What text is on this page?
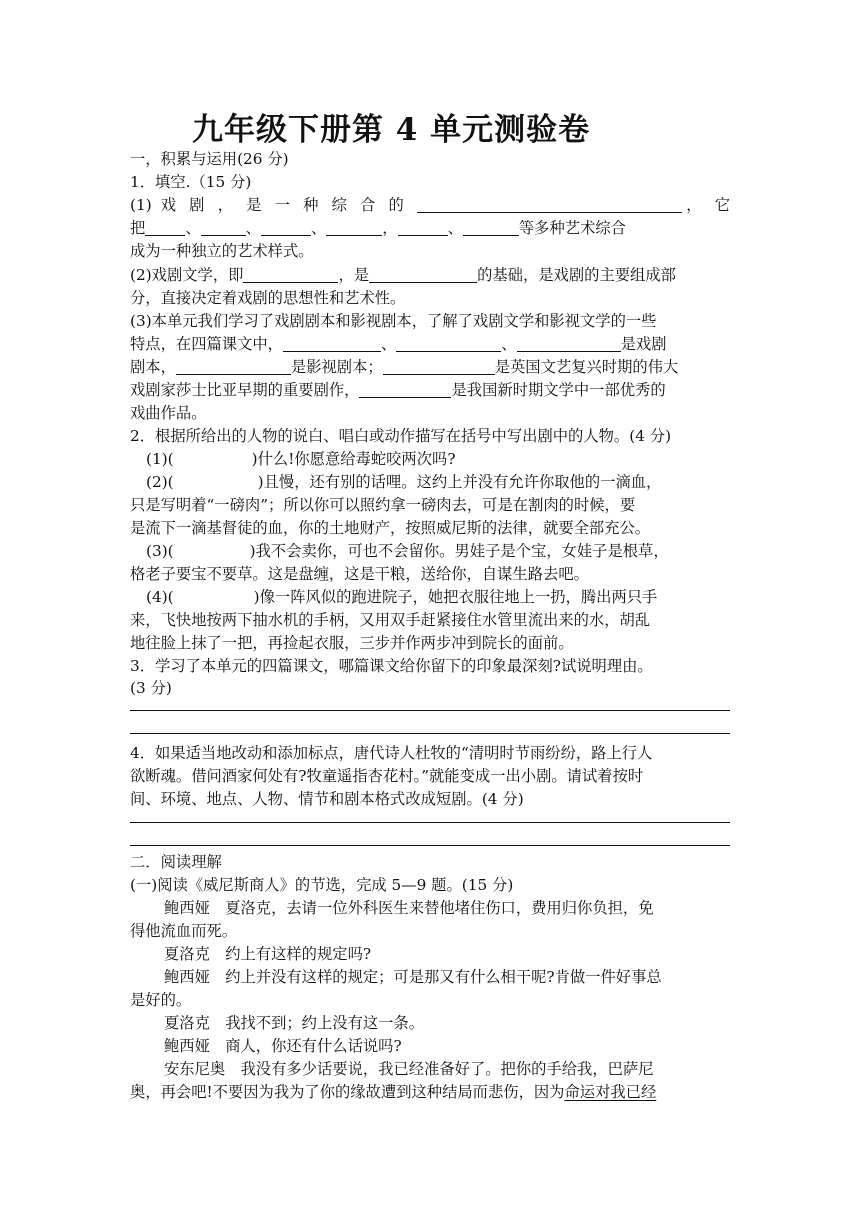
九年级下册第 4 单元测验卷
一，积累与运用(26 分)
1．填空.（15 分)
(1) 戏 剧 ， 是 一 种 综 合 的	， 它
把	、	、	、	，	、	等多种艺术综合
成为一种独立的艺术样式。
(2)戏剧文学，即	，是	的基础，是戏剧的主要组成部
分，直接决定着戏剧的思想性和艺术性。
(3)本单元我们学习了戏剧剧本和影视剧本，了解了戏剧文学和影视文学的一些
特点，在四篇课文中，	、	、	是戏剧
剧本，	是影视剧本；	是英国文艺复兴时期的伟大
戏剧家莎士比亚早期的重要剧作，	是我国新时期文学中一部优秀的
戏曲作品。
2．根据所给出的人物的说白、唱白或动作描写在括号中写出剧中的人物。(4 分)
(1)(	)什么!你愿意给毒蛇咬两次吗?
(2)(	)且慢，还有别的话哩。这约上并没有允许你取他的一滴血，
只是写明着“一磅肉”；所以你可以照约拿一磅肉去，可是在割肉的时候，要
是流下一滴基督徒的血，你的土地财产，按照威尼斯的法律，就要全部充公。
(3)(	)我不会卖你，可也不会留你。男娃子是个宝，女娃子是根草，
格老子要宝不要草。这是盘缠，这是干粮，送给你，自谋生路去吧。
(4)(	)像一阵风似的跑进院子，她把衣服往地上一扔，腾出两只手
来，飞快地按两下抽水机的手柄，又用双手赶紧接住水管里流出来的水，胡乱
地往脸上抹了一把，再捡起衣服，三步并作两步冲到院长的面前。
3．学习了本单元的四篇课文，哪篇课文给你留下的印象最深刻?试说明理由。
(3 分)
4．如果适当地改动和添加标点，唐代诗人杜牧的“清明时节雨纷纷，路上行人
欲断魂。借问酒家何处有?牧童遥指杏花村。”就能变成一出小剧。请试着按时
间、环境、地点、人物、情节和剧本格式改成短剧。(4 分)
二．阅读理解
(一)阅读《威尼斯商人》的节选，完成 5—9 题。(15 分)
鲍西娅　夏洛克，去请一位外科医生来替他堵住伤口，费用归你负担，免
得他流血而死。
夏洛克　约上有这样的规定吗?
鲍西娅　约上并没有这样的规定；可是那又有什么相干呢?肯做一件好事总
是好的。
夏洛克　我找不到；约上没有这一条。
鲍西娅　商人，你还有什么话说吗?
安东尼奥　我没有多少话要说，我已经准备好了。把你的手给我，巴萨尼
奥，再会吧!不要因为我为了你的缘故遭到这种结局而悲伤，因为命运对我已经
